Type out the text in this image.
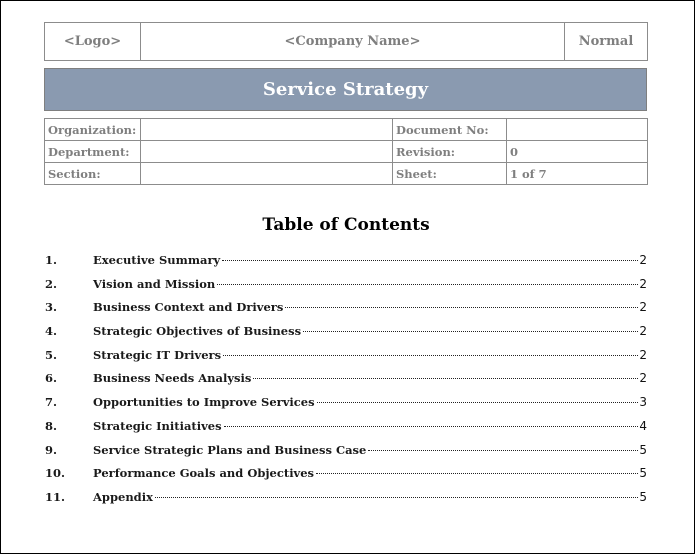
<Logo>	<Company Name>	Normal
Service Strategy
Organization:		Document No:	
Department:		Revision:	0
Section:		Sheet:	1 of 7
Table of Contents
1.	Executive Summary	2
2.	Vision and Mission	2
3.	Business Context and Drivers	2
4.	Strategic Objectives of Business	2
5.	Strategic IT Drivers	2
6.	Business Needs Analysis	2
7.	Opportunities to Improve Services	3
8.	Strategic Initiatives	4
9.	Service Strategic Plans and Business Case	5
10.	Performance Goals and Objectives	5
11.	Appendix	5
